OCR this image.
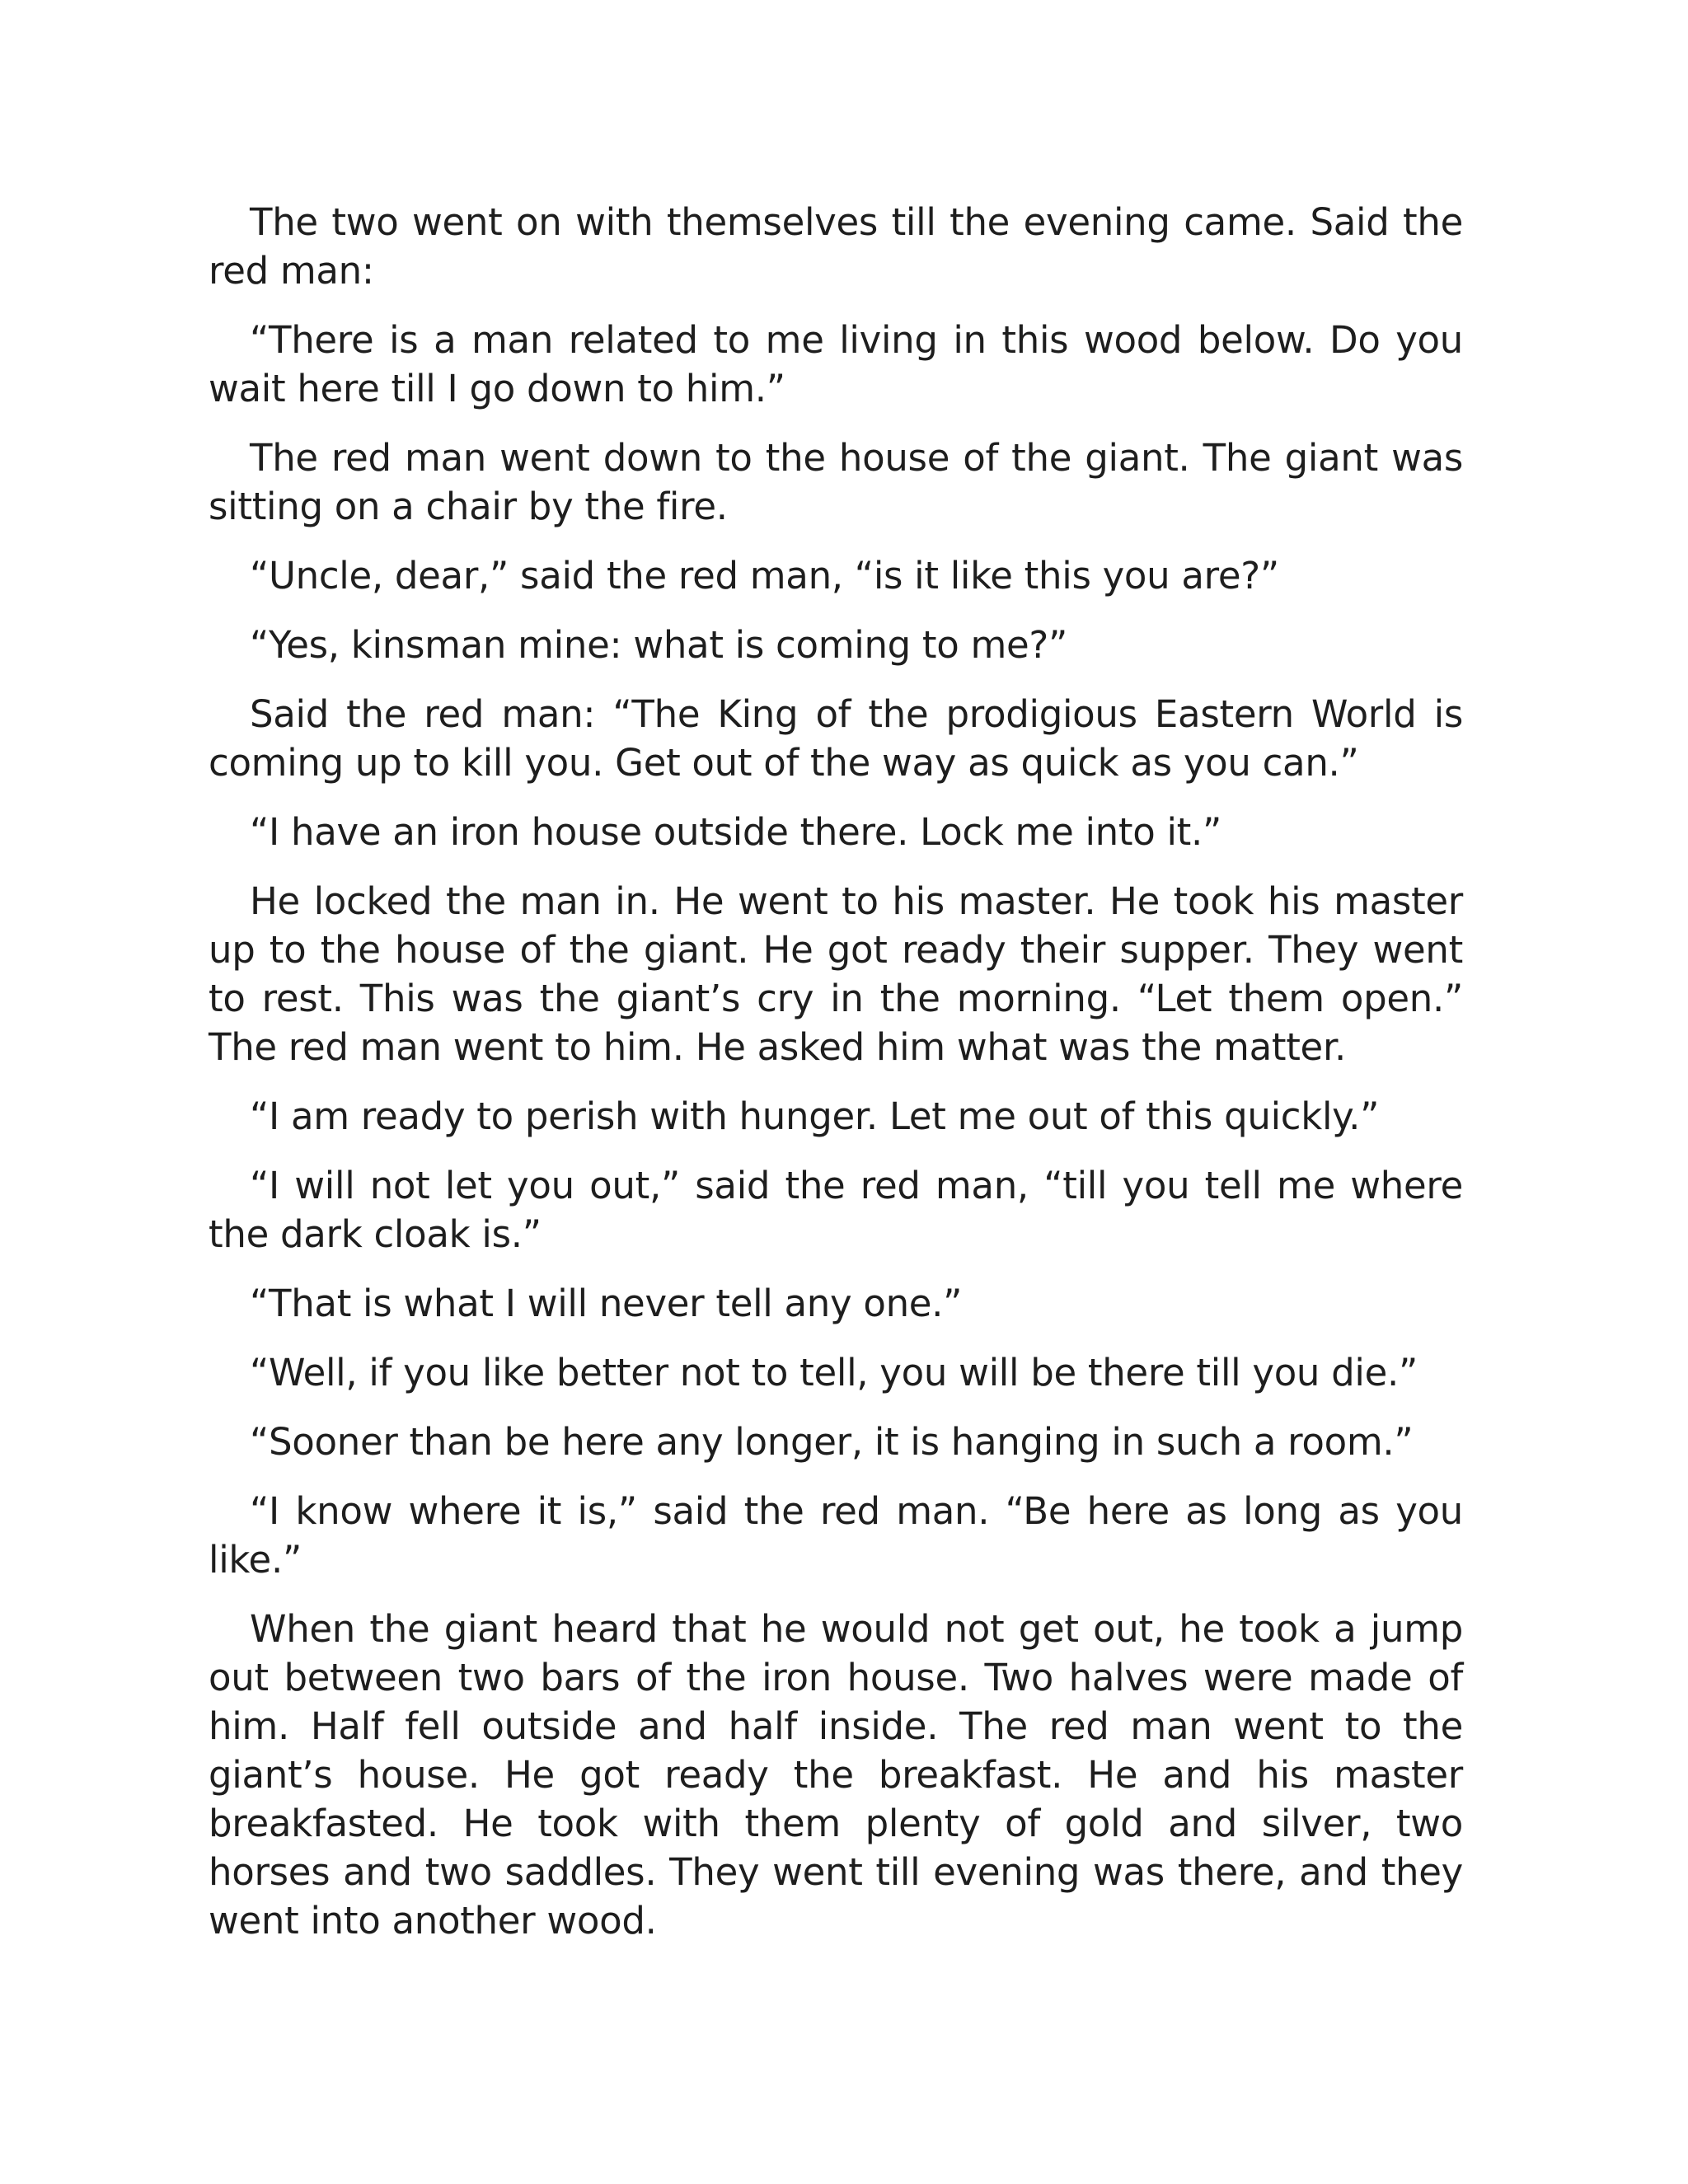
The two went on with themselves till the evening came. Said the red man:

“There is a man related to me living in this wood below. Do you wait here till I go down to him.”

The red man went down to the house of the giant. The giant was sitting on a chair by the fire.

“Uncle, dear,” said the red man, “is it like this you are?”

“Yes, kinsman mine: what is coming to me?”

Said the red man: “The King of the prodigious Eastern World is coming up to kill you. Get out of the way as quick as you can.”

“I have an iron house outside there. Lock me into it.”

He locked the man in. He went to his master. He took his master up to the house of the giant. He got ready their supper. They went to rest. This was the giant’s cry in the morning. “Let them open.” The red man went to him. He asked him what was the matter.

“I am ready to perish with hunger. Let me out of this quickly.”

“I will not let you out,” said the red man, “till you tell me where the dark cloak is.”

“That is what I will never tell any one.”

“Well, if you like better not to tell, you will be there till you die.”

“Sooner than be here any longer, it is hanging in such a room.”

“I know where it is,” said the red man. “Be here as long as you like.”

When the giant heard that he would not get out, he took a jump out between two bars of the iron house. Two halves were made of him. Half fell outside and half inside. The red man went to the giant’s house. He got ready the breakfast. He and his master breakfasted. He took with them plenty of gold and silver, two horses and two saddles. They went till evening was there, and they went into another wood.
